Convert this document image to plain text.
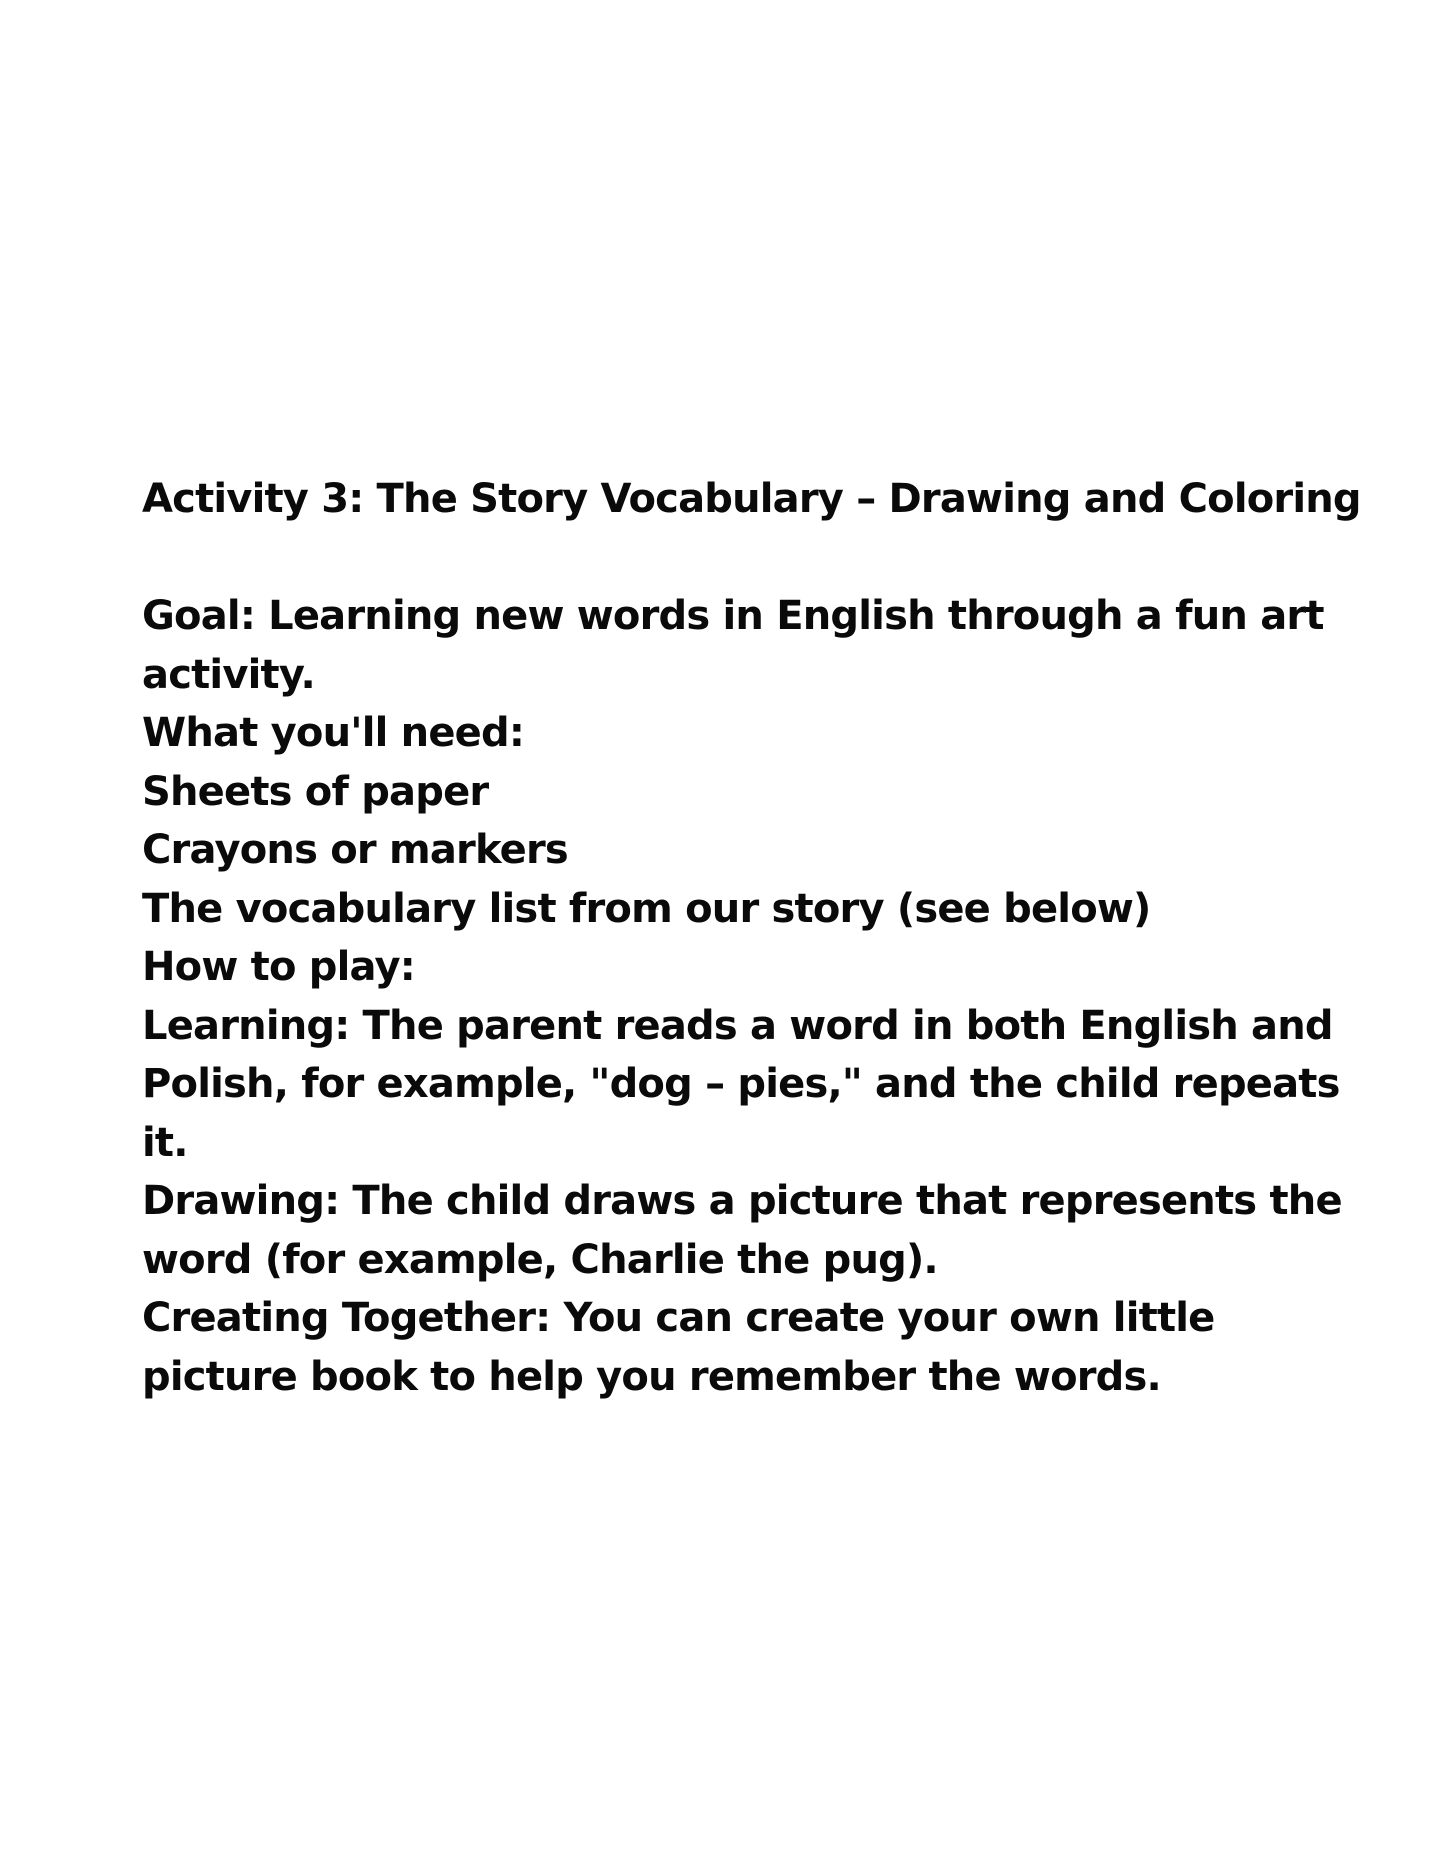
Activity 3: The Story Vocabulary – Drawing and Coloring
Goal: Learning new words in English through a fun art
activity.
What you'll need:
Sheets of paper
Crayons or markers
The vocabulary list from our story (see below)
How to play:
Learning: The parent reads a word in both English and
Polish, for example, "dog – pies," and the child repeats
it.
Drawing: The child draws a picture that represents the
word (for example, Charlie the pug).
Creating Together: You can create your own little
picture book to help you remember the words.
